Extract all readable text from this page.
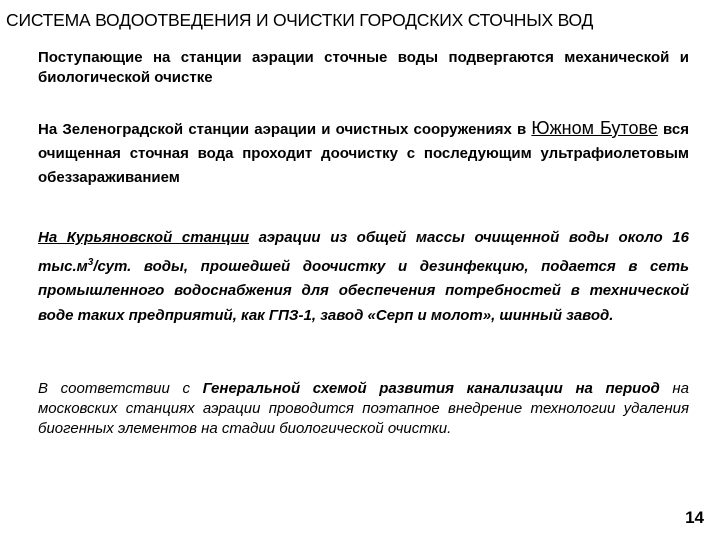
СИСТЕМА ВОДООТВЕДЕНИЯ И ОЧИСТКИ ГОРОДСКИХ СТОЧНЫХ ВОД
Поступающие на станции аэрации сточные воды подвергаются механической и биологической очистке
На Зеленоградской станции аэрации и очистных сооружениях в Южном Бутове вся очищенная сточная вода проходит доочистку с последующим ультрафиолетовым обеззараживанием
На Курьяновской станции аэрации из общей массы очищенной воды около 16 $тыс.м^3$/сут. воды, прошедшей доочистку и дезинфекцию, подается в сеть промышленного водоснабжения для обеспечения потребностей в технической воде таких предприятий, как ГПЗ-1, завод «Серп и молот», шинный завод.
В соответствии с Генеральной схемой развития канализации на период на московских станциях аэрации проводится поэтапное внедрение технологии удаления биогенных элементов на стадии биологической очистки.
14
